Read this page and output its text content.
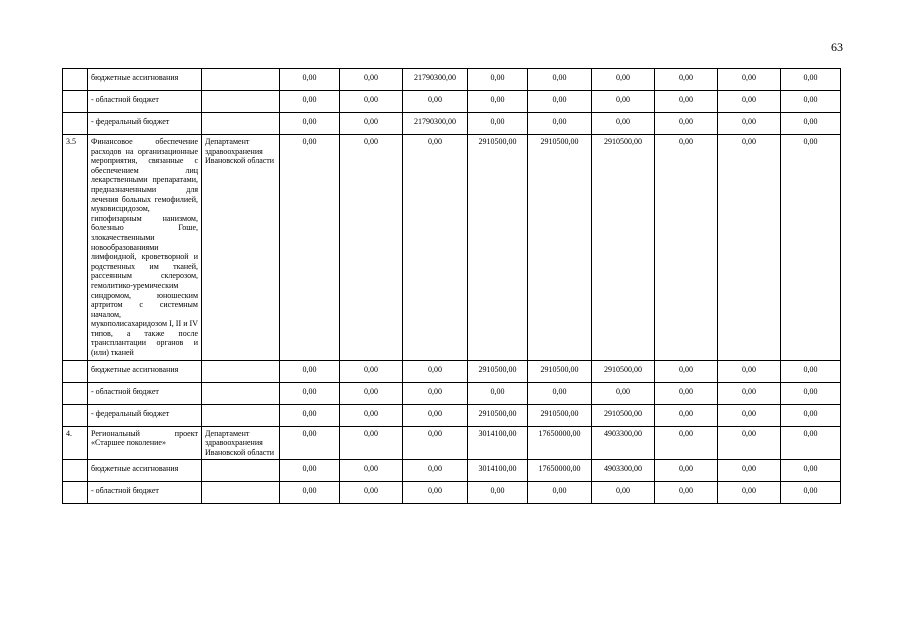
63
	бюджетные ассигнования		0,00	0,00	21790300,00	0,00	0,00	0,00	0,00	0,00	0,00
	- областной бюджет		0,00	0,00	0,00	0,00	0,00	0,00	0,00	0,00	0,00
	- федеральный бюджет		0,00	0,00	21790300,00	0,00	0,00	0,00	0,00	0,00	0,00
3.5	Финансовое обеспечение расходов на организационные мероприятия, связанные с обеспечением лиц лекарственными препаратами, предназначенными для лечения больных гемофилией, муковисцидозом, гипофизарным нанизмом, болезнью Гоше, злокачественными новообразованиями лимфоидной, кроветворной и родственных им тканей, рассеянным склерозом, гемолитико-уремическим синдромом, юношеским артритом с системным началом, мукополисахаридозом I, II и IV типов, а также после трансплантации органов и (или) тканей	Департамент здравоохранения Ивановской области	0,00	0,00	0,00	2910500,00	2910500,00	2910500,00	0,00	0,00	0,00
	бюджетные ассигнования		0,00	0,00	0,00	2910500,00	2910500,00	2910500,00	0,00	0,00	0,00
	- областной бюджет		0,00	0,00	0,00	0,00	0,00	0,00	0,00	0,00	0,00
	- федеральный бюджет		0,00	0,00	0,00	2910500,00	2910500,00	2910500,00	0,00	0,00	0,00
4.	Региональный проект «Старшее поколение»	Департамент здравоохранения Ивановской области	0,00	0,00	0,00	3014100,00	17650000,00	4903300,00	0,00	0,00	0,00
	бюджетные ассигнования		0,00	0,00	0,00	3014100,00	17650000,00	4903300,00	0,00	0,00	0,00
	- областной бюджет		0,00	0,00	0,00	0,00	0,00	0,00	0,00	0,00	0,00
